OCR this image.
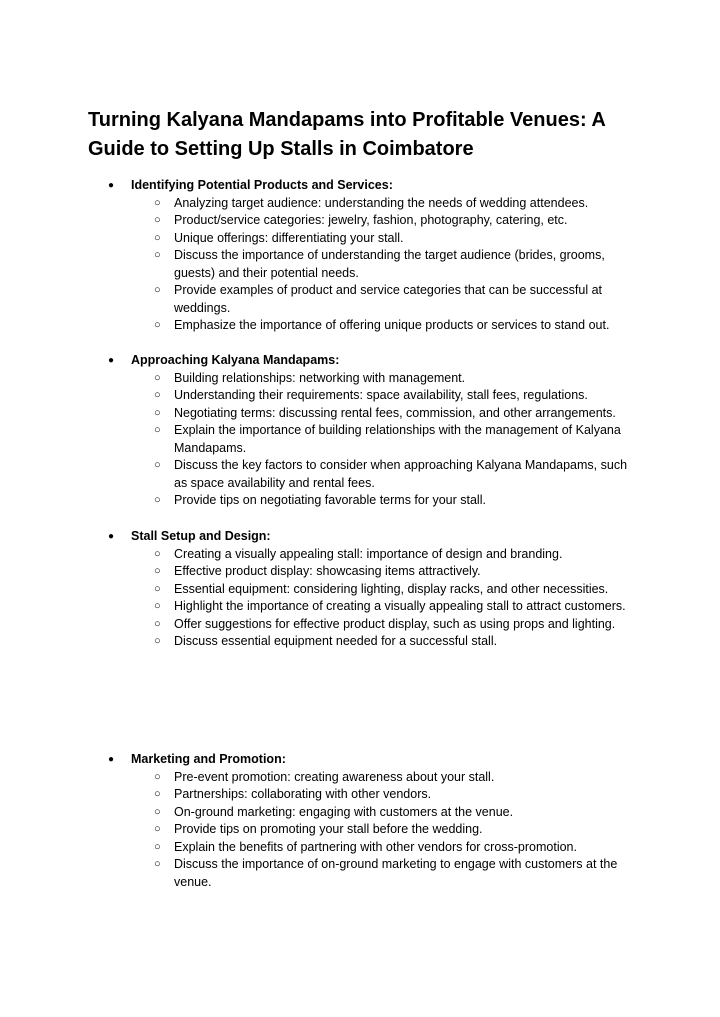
Turning Kalyana Mandapams into Profitable Venues: A Guide to Setting Up Stalls in Coimbatore
● Identifying Potential Products and Services:
○ Analyzing target audience: understanding the needs of wedding attendees.
○ Product/service categories: jewelry, fashion, photography, catering, etc.
○ Unique offerings: differentiating your stall.
○ Discuss the importance of understanding the target audience (brides, grooms, guests) and their potential needs.
○ Provide examples of product and service categories that can be successful at weddings.
○ Emphasize the importance of offering unique products or services to stand out.
● Approaching Kalyana Mandapams:
○ Building relationships: networking with management.
○ Understanding their requirements: space availability, stall fees, regulations.
○ Negotiating terms: discussing rental fees, commission, and other arrangements.
○ Explain the importance of building relationships with the management of Kalyana Mandapams.
○ Discuss the key factors to consider when approaching Kalyana Mandapams, such as space availability and rental fees.
○ Provide tips on negotiating favorable terms for your stall.
● Stall Setup and Design:
○ Creating a visually appealing stall: importance of design and branding.
○ Effective product display: showcasing items attractively.
○ Essential equipment: considering lighting, display racks, and other necessities.
○ Highlight the importance of creating a visually appealing stall to attract customers.
○ Offer suggestions for effective product display, such as using props and lighting.
○ Discuss essential equipment needed for a successful stall.
● Marketing and Promotion:
○ Pre-event promotion: creating awareness about your stall.
○ Partnerships: collaborating with other vendors.
○ On-ground marketing: engaging with customers at the venue.
○ Provide tips on promoting your stall before the wedding.
○ Explain the benefits of partnering with other vendors for cross-promotion.
○ Discuss the importance of on-ground marketing to engage with customers at the venue.
